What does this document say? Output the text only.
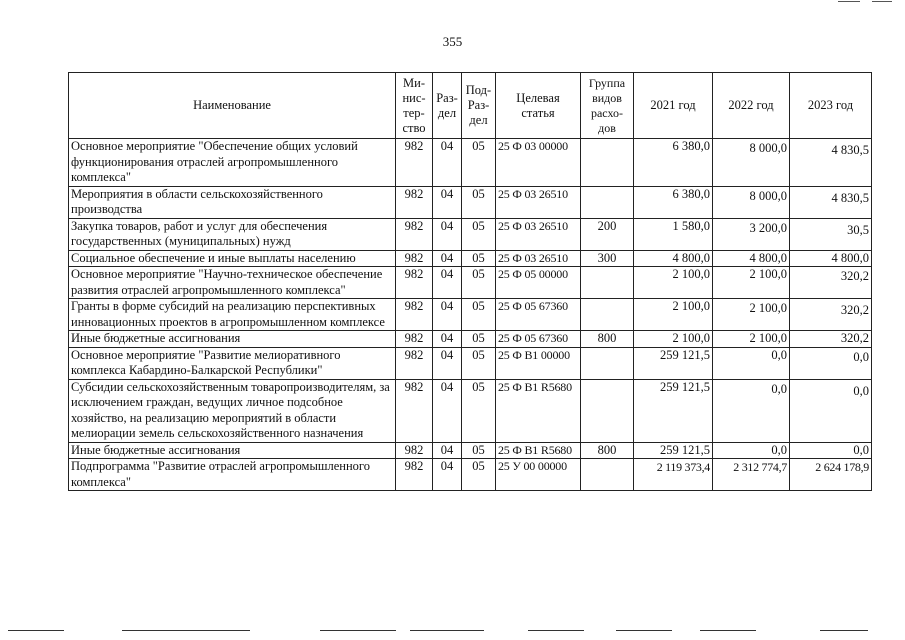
355
Наименование	Ми-
нис-
тер-
ство	Раз-
дел	Под-
Раз-
дел	Целевая
статья	Группа
видов
расхо-
дов	2021 год	2022 год	2023 год
Основное мероприятие "Обеспечение общих условий функционирования отраслей агропромышленного комплекса"	982	04	05	25 Ф 03 00000		6 380,0	8 000,0	4 830,5
Мероприятия в области сельскохозяйственного производства	982	04	05	25 Ф 03 26510		6 380,0	8 000,0	4 830,5
Закупка товаров, работ и услуг для обеспечения государственных (муниципальных) нужд	982	04	05	25 Ф 03 26510	200	1 580,0	3 200,0	30,5
Социальное обеспечение и иные выплаты населению	982	04	05	25 Ф 03 26510	300	4 800,0	4 800,0	4 800,0
Основное мероприятие "Научно-техническое обеспечение развития отраслей агропромышленного комплекса"	982	04	05	25 Ф 05 00000		2 100,0	2 100,0	320,2
Гранты в форме субсидий на реализацию перспективных инновационных проектов в агропромышленном комплексе	982	04	05	25 Ф 05 67360		2 100,0	2 100,0	320,2
Иные бюджетные ассигнования	982	04	05	25 Ф 05 67360	800	2 100,0	2 100,0	320,2
Основное мероприятие "Развитие мелиоративного комплекса Кабардино-Балкарской Республики"	982	04	05	25 Ф В1 00000		259 121,5	0,0	0,0
Субсидии сельскохозяйственным товаропроизводителям, за исключением граждан, ведущих личное подсобное хозяйство, на реализацию мероприятий в области мелиорации земель сельскохозяйственного назначения	982	04	05	25 Ф В1 R5680		259 121,5	0,0	0,0
Иные бюджетные ассигнования	982	04	05	25 Ф В1 R5680	800	259 121,5	0,0	0,0
Подпрограмма "Развитие отраслей агропромышленного комплекса"	982	04	05	25 У 00 00000		2 119 373,4	2 312 774,7	2 624 178,9
